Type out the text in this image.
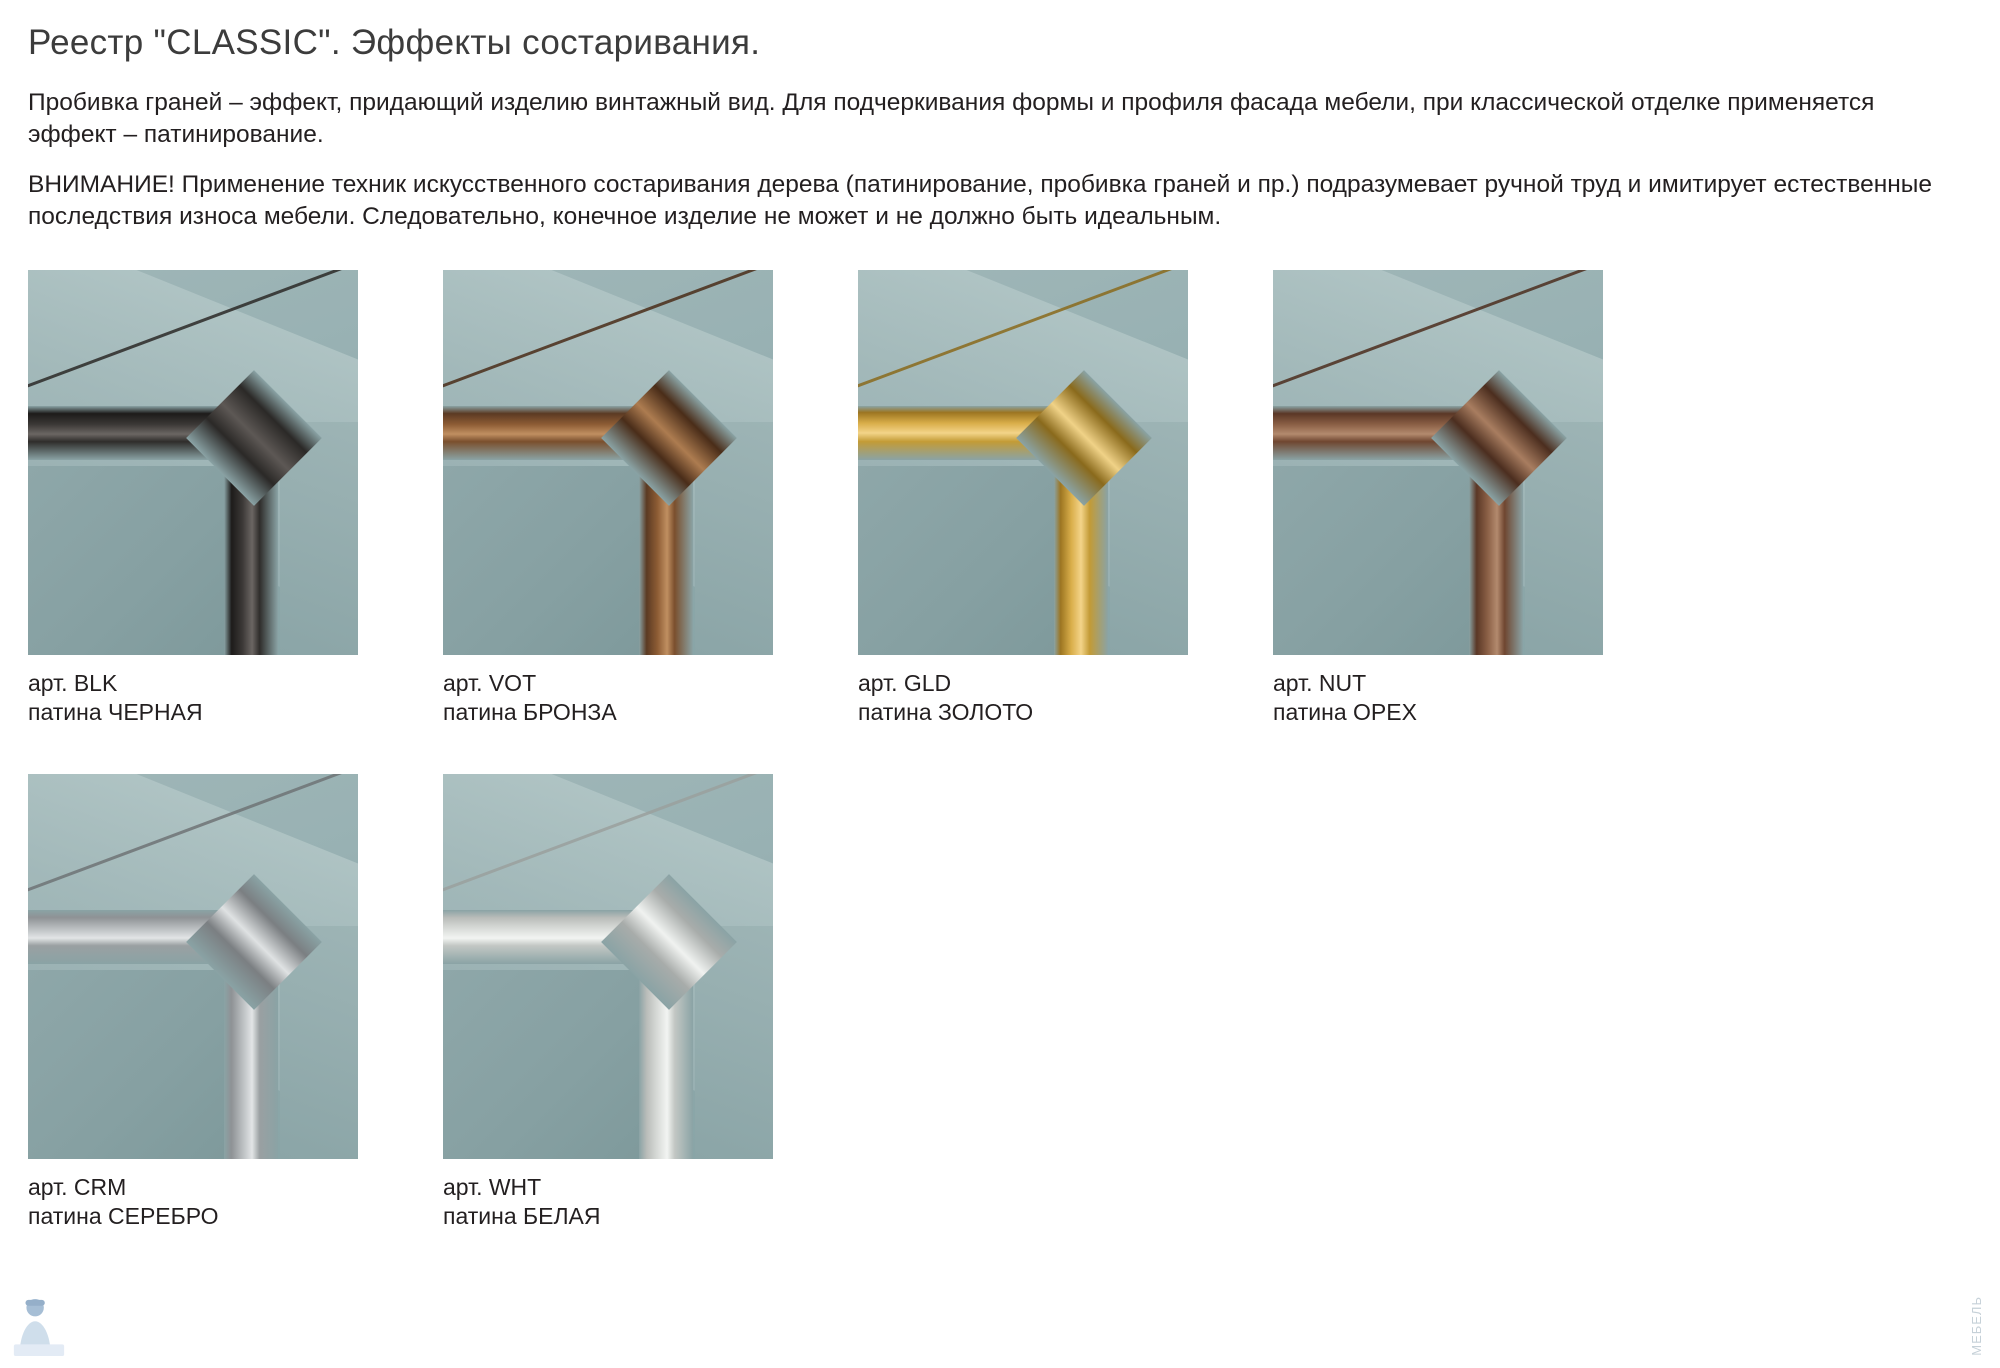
Реестр "CLASSIC". Эффекты состаривания.

Пробивка граней – эффект, придающий изделию винтажный вид. Для подчеркивания формы и профиля фасада мебели, при классической отделке применяется эффект – патинирование.

ВНИМАНИЕ! Применение техник искусственного состаривания дерева (патинирование, пробивка граней и пр.) подразумевает ручной труд и имитирует естественные последствия износа мебели. Следовательно, конечное изделие не может и не должно быть идеальным.

арт. BLK
патина ЧЕРНАЯ
арт. VOT
патина БРОНЗА
арт. GLD
патина ЗОЛОТО
арт. NUT
патина ОРЕХ
арт. CRM
патина СЕРЕБРО
арт. WHT
патина БЕЛАЯ
МЕБЕЛЬ
